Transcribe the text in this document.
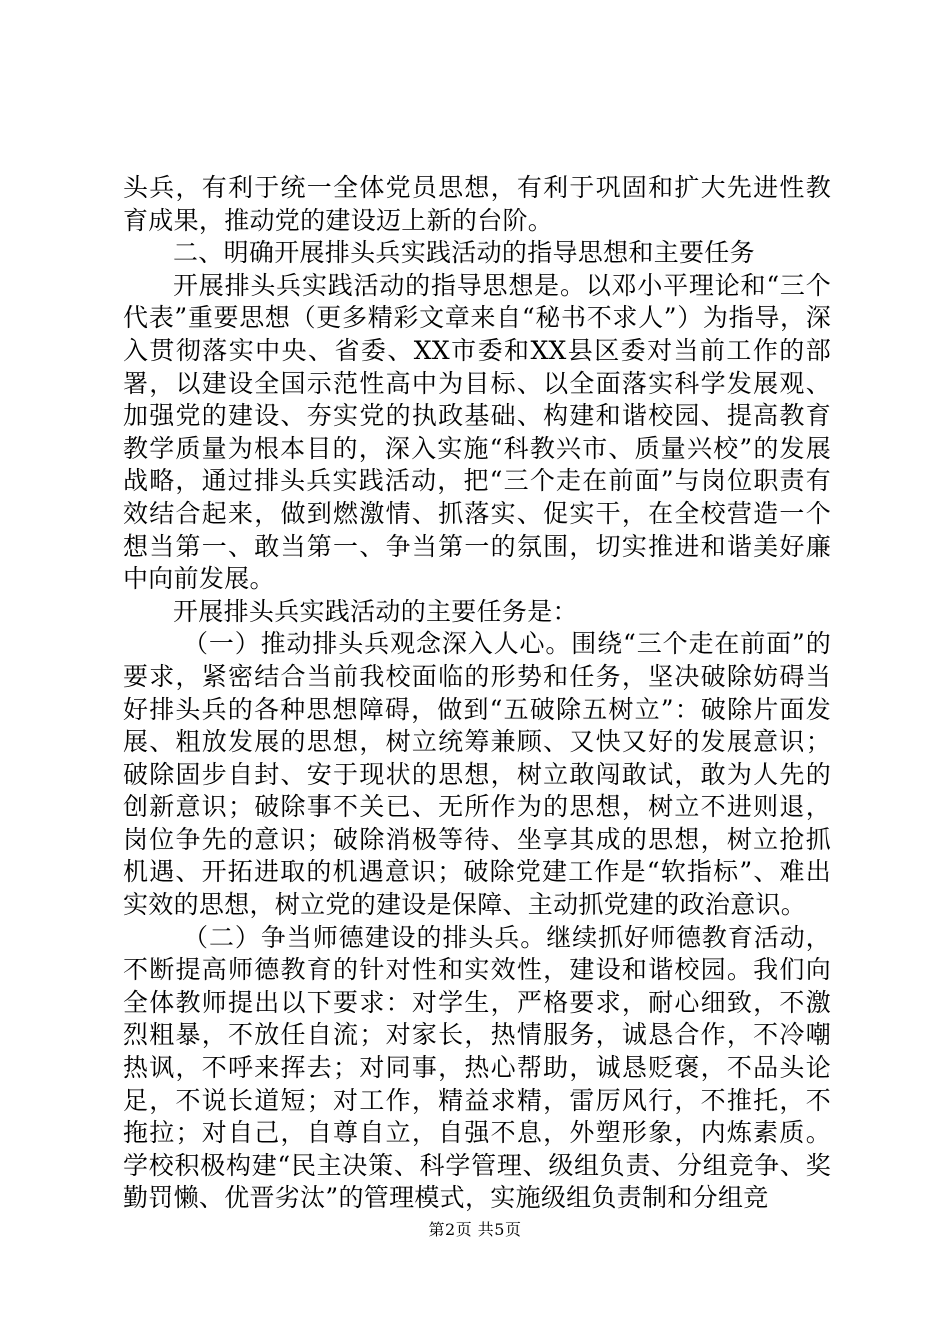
头兵，有利于统一全体党员思想，有利于巩固和扩大先进性教育成果，推动党的建设迈上新的台阶。

二、明确开展排头兵实践活动的指导思想和主要任务

开展排头兵实践活动的指导思想是。以邓小平理论和“三个代表”重要思想（更多精彩文章来自“秘书不求人”）为指导，深入贯彻落实中央、省委、XX市委和XX县区委对当前工作的部署，以建设全国示范性高中为目标、以全面落实科学发展观、加强党的建设、夯实党的执政基础、构建和谐校园、提高教育教学质量为根本目的，深入实施“科教兴市、质量兴校”的发展战略，通过排头兵实践活动，把“三个走在前面”与岗位职责有效结合起来，做到燃激情、抓落实、促实干，在全校营造一个想当第一、敢当第一、争当第一的氛围，切实推进和谐美好廉中向前发展。

开展排头兵实践活动的主要任务是：

（一）推动排头兵观念深入人心。围绕“三个走在前面”的要求，紧密结合当前我校面临的形势和任务，坚决破除妨碍当好排头兵的各种思想障碍，做到“五破除五树立”：破除片面发展、粗放发展的思想，树立统筹兼顾、又快又好的发展意识；破除固步自封、安于现状的思想，树立敢闯敢试，敢为人先的创新意识；破除事不关已、无所作为的思想，树立不进则退，岗位争先的意识；破除消极等待、坐享其成的思想，树立抢抓机遇、开拓进取的机遇意识；破除党建工作是“软指标”、难出实效的思想，树立党的建设是保障、主动抓党建的政治意识。

（二）争当师德建设的排头兵。继续抓好师德教育活动，不断提高师德教育的针对性和实效性，建设和谐校园。我们向全体教师提出以下要求：对学生，严格要求，耐心细致，不激烈粗暴，不放任自流；对家长，热情服务，诚恳合作，不冷嘲热讽，不呼来挥去；对同事，热心帮助，诚恳贬褒，不品头论足，不说长道短；对工作，精益求精，雷厉风行，不推托，不拖拉；对自己，自尊自立，自强不息，外塑形象，内炼素质。学校积极构建“民主决策、科学管理、级组负责、分组竞争、奖勤罚懒、优晋劣汰”的管理模式，实施级组负责制和分组竞

第2页 共5页
